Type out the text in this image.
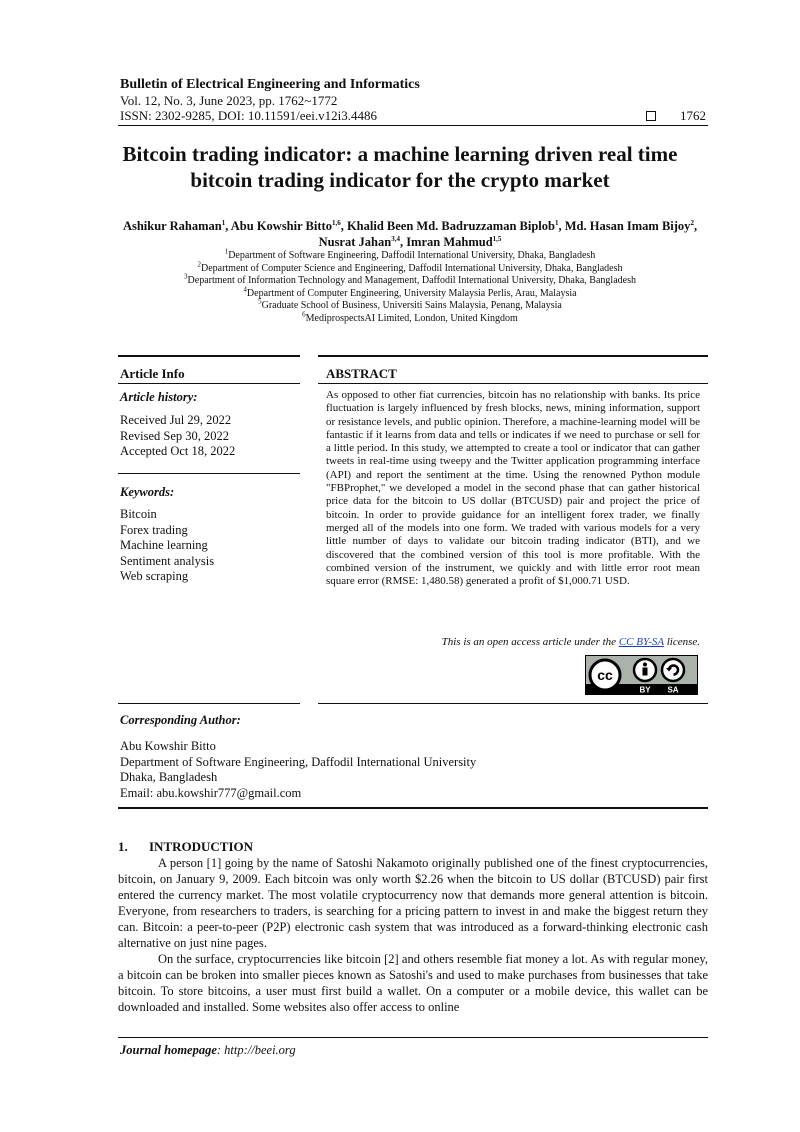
Bulletin of Electrical Engineering and Informatics
Vol. 12, No. 3, June 2023, pp. 1762~1772
ISSN: 2302-9285, DOI: 10.11591/eei.v12i3.4486	1762
Bitcoin trading indicator: a machine learning driven real time
bitcoin trading indicator for the crypto market
Ashikur Rahaman$^1$, Abu Kowshir Bitto$^{1,6}$, Khalid Been Md. Badruzzaman Biplob$^1$, Md. Hasan Imam Bijoy$^2$, Nusrat Jahan$^{3,4}$, Imran Mahmud$^{1,5}$
$^1$Department of Software Engineering, Daffodil International University, Dhaka, Bangladesh
$^2$Department of Computer Science and Engineering, Daffodil International University, Dhaka, Bangladesh
$^3$Department of Information Technology and Management, Daffodil International University, Dhaka, Bangladesh
$^4$Department of Computer Engineering, University Malaysia Perlis, Arau, Malaysia
$^5$Graduate School of Business, Universiti Sains Malaysia, Penang, Malaysia
$^6$MediprospectsAI Limited, London, United Kingdom
Article Info	ABSTRACT
Article history:
Received Jul 29, 2022
Revised Sep 30, 2022
Accepted Oct 18, 2022
Keywords:
Bitcoin
Forex trading
Machine learning
Sentiment analysis
Web scraping
As opposed to other fiat currencies, bitcoin has no relationship with banks. Its price fluctuation is largely influenced by fresh blocks, news, mining information, support or resistance levels, and public opinion. Therefore, a machine-learning model will be fantastic if it learns from data and tells or indicates if we need to purchase or sell for a little period. In this study, we attempted to create a tool or indicator that can gather tweets in real-time using tweepy and the Twitter application programming interface (API) and report the sentiment at the time. Using the renowned Python module "FBProphet," we developed a model in the second phase that can gather historical price data for the bitcoin to US dollar (BTCUSD) pair and project the price of bitcoin. In order to provide guidance for an intelligent forex trader, we finally merged all of the models into one form. We traded with various models for a very little number of days to validate our bitcoin trading indicator (BTI), and we discovered that the combined version of this tool is more profitable. With the combined version of the instrument, we quickly and with little error root mean square error (RMSE: 1,480.58) generated a profit of $1,000.71 USD.
This is an open access article under the CC BY-SA license.
cc
BY SA
Corresponding Author:
Abu Kowshir Bitto
Department of Software Engineering, Daffodil International University
Dhaka, Bangladesh
Email: abu.kowshir777@gmail.com
1. INTRODUCTION

A person [1] going by the name of Satoshi Nakamoto originally published one of the finest cryptocurrencies, bitcoin, on January 9, 2009. Each bitcoin was only worth $2.26 when the bitcoin to US dollar (BTCUSD) pair first entered the currency market. The most volatile cryptocurrency now that demands more general attention is bitcoin. Everyone, from researchers to traders, is searching for a pricing pattern to invest in and make the biggest return they can. Bitcoin: a peer-to-peer (P2P) electronic cash system that was introduced as a forward-thinking electronic cash alternative on just nine pages.

On the surface, cryptocurrencies like bitcoin [2] and others resemble fiat money a lot. As with regular money, a bitcoin can be broken into smaller pieces known as Satoshi's and used to make purchases from businesses that take bitcoin. To store bitcoins, a user must first build a wallet. On a computer or a mobile device, this wallet can be downloaded and installed. Some websites also offer access to online

Journal homepage: http://beei.org
